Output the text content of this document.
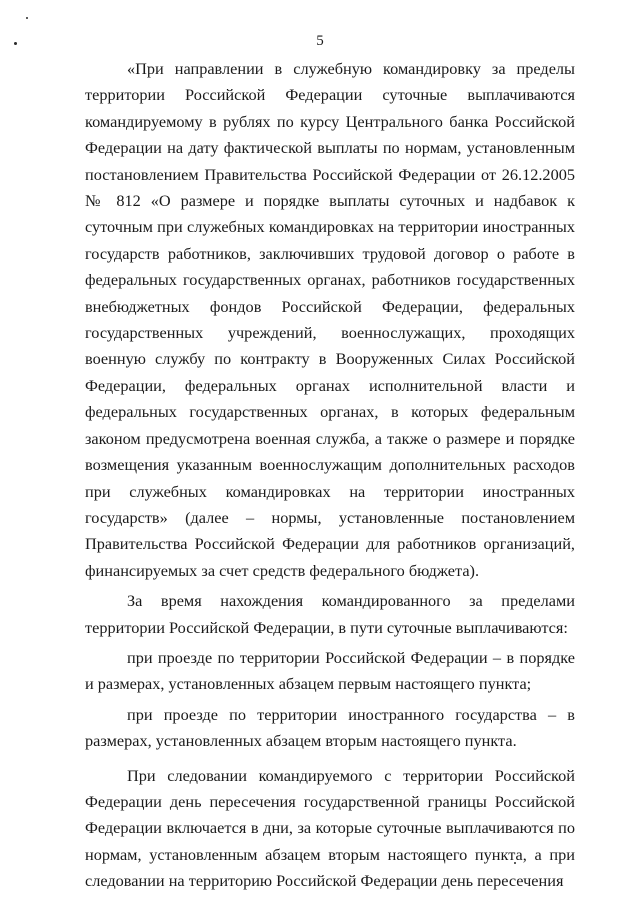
5

«При направлении в служебную командировку за пределы территории Российской Федерации суточные выплачиваются командируемому в рублях по курсу Центрального банка Российской Федерации на дату фактической выплаты по нормам, установленным постановлением Правительства Российской Федерации от 26.12.2005 № 812 «О размере и порядке выплаты суточных и надбавок к суточным при служебных командировках на территории иностранных государств работников, заключивших трудовой договор о работе в федеральных государственных органах, работников государственных внебюджетных фондов Российской Федерации, федеральных государственных учреждений, военнослужащих, проходящих военную службу по контракту в Вооруженных Силах Российской Федерации, федеральных органах исполнительной власти и федеральных государственных органах, в которых федеральным законом предусмотрена военная служба, а также о размере и порядке возмещения указанным военнослужащим дополнительных расходов при служебных командировках на территории иностранных государств» (далее – нормы, установленные постановлением Правительства Российской Федерации для работников организаций, финансируемых за счет средств федерального бюджета).

За время нахождения командированного за пределами территории Российской Федерации, в пути суточные выплачиваются:

при проезде по территории Российской Федерации – в порядке и размерах, установленных абзацем первым настоящего пункта;

при проезде по территории иностранного государства – в размерах, установленных абзацем вторым настоящего пункта.

При следовании командируемого с территории Российской Федерации день пересечения государственной границы Российской Федерации включается в дни, за которые суточные выплачиваются по нормам, установленным абзацем вторым настоящего пункта, а при следовании на территорию Российской Федерации день пересечения
